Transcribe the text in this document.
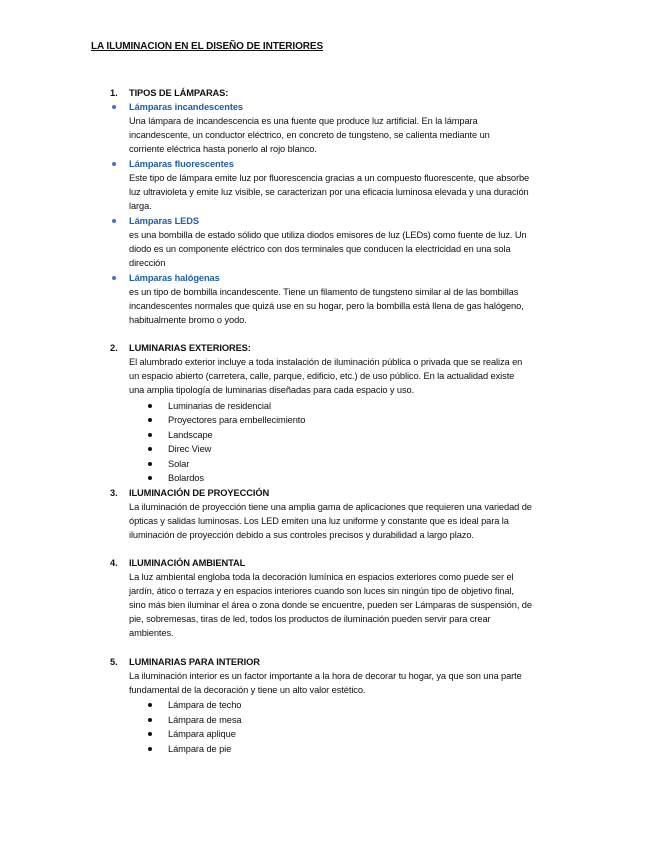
LA ILUMINACION EN EL DISEÑO DE INTERIORES
1. TIPOS DE LÁMPARAS:
Lámparas incandescentes
Una lámpara de incandescencia es una fuente que produce luz artificial. En la lámpara
incandescente, un conductor eléctrico, en concreto de tungsteno, se calienta mediante un
corriente eléctrica hasta ponerlo al rojo blanco.
Lámparas fluorescentes
Este tipo de lámpara emite luz por fluorescencia gracias a un compuesto fluorescente, que absorbe
luz ultravioleta y emite luz visible, se caracterizan por una eficacia luminosa elevada y una duración
larga.
Lámparas LEDS
es una bombilla de estado sólido que utiliza diodos emisores de luz (LEDs) como fuente de luz. Un
diodo es un componente eléctrico con dos terminales que conducen la electricidad en una sola
dirección
Lámparas halógenas
es un tipo de bombilla incandescente. Tiene un filamento de tungsteno similar al de las bombillas
incandescentes normales que quizá use en su hogar, pero la bombilla está llena de gas halógeno,
habitualmente bromo o yodo.
2. LUMINARIAS EXTERIORES:
El alumbrado exterior incluye a toda instalación de iluminación pública o privada que se realiza en
un espacio abierto (carretera, calle, parque, edificio, etc.) de uso público. En la actualidad existe
una amplia tipología de luminarias diseñadas para cada espacio y uso.
Luminarias de residencial
Proyectores para embellecimiento
Landscape
Direc View
Solar
Bolardos
3. ILUMINACIÓN DE PROYECCIÓN
La iluminación de proyección tiene una amplia gama de aplicaciones que requieren una variedad de
ópticas y salidas luminosas. Los LED emiten una luz uniforme y constante que es ideal para la
iluminación de proyección debido a sus controles precisos y durabilidad a largo plazo.
4. ILUMINACIÓN AMBIENTAL
La luz ambiental engloba toda la decoración lumínica en espacios exteriores como puede ser el
jardín, ático o terraza y en espacios interiores cuando son luces sin ningún tipo de objetivo final,
sino más bien iluminar el área o zona donde se encuentre, pueden ser Lámparas de suspensión, de
pie, sobremesas, tiras de led, todos los productos de iluminación pueden servir para crear
ambientes.
5. LUMINARIAS PARA INTERIOR
La iluminación interior es un factor importante a la hora de decorar tu hogar, ya que son una parte
fundamental de la decoración y tiene un alto valor estético.
Lámpara de techo
Lámpara de mesa
Lámpara aplique
Lámpara de pie
